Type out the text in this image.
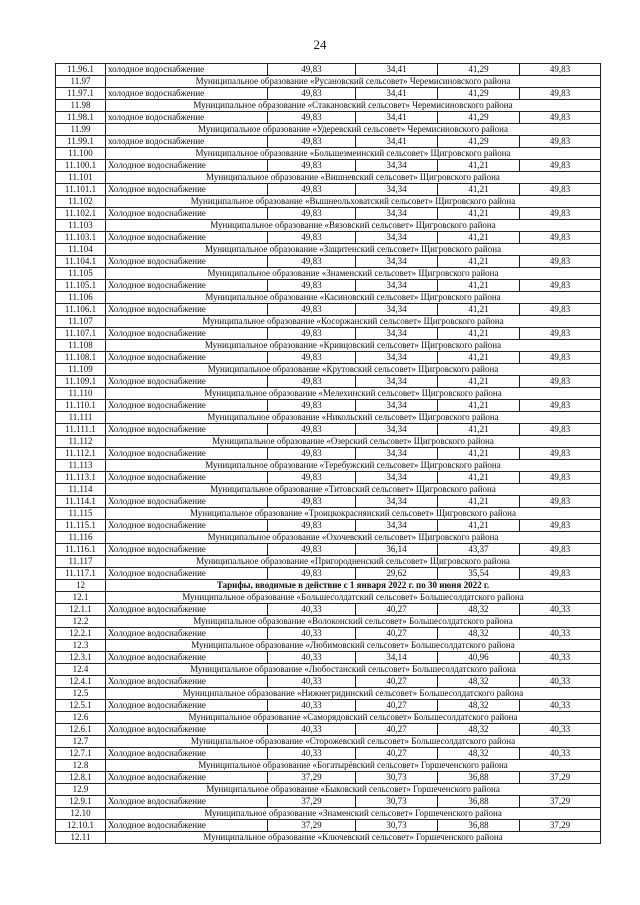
24
11.96.1	холодное водоснабжение	49,83	34,41	41,29	49,83
11.97	Муниципальное образование «Русановский сельсовет» Черемисиновского района				
11.97.1	холодное водоснабжение	49,83	34,41	41,29	49,83
11.98	Муниципальное образование «Стакановский сельсовет» Черемисиновского района				
11.98.1	холодное водоснабжение	49,83	34,41	41,29	49,83
11.99	Муниципальное образование «Удеревский сельсовет» Черемисиновского района				
11.99.1	холодное водоснабжение	49,83	34,41	41,29	49,83
11.100	Муниципальное образование «Большезмеинский сельсовет» Щигровского района				
11.100.1	Холодное водоснабжение	49,83	34,34	41,21	49,83
11.101	Муниципальное образование «Вишневский сельсовет» Щигровского района				
11.101.1	Холодное водоснабжение	49,83	34,34	41,21	49,83
11.102	Муниципальное образование «Вышнеольховатский сельсовет» Щигровского района				
11.102.1	Холодное водоснабжение	49,83	34,34	41,21	49,83
11.103	Муниципальное образование «Вязовский сельсовет» Щигровского района				
11.103.1	Холодное водоснабжение	49,83	34,34	41,21	49,83
11.104	Муниципальное образование «Защитенский сельсовет» Щигровского района				
11.104.1	Холодное водоснабжение	49,83	34,34	41,21	49,83
11.105	Муниципальное образование «Знаменский сельсовет» Щигровского района				
11.105.1	Холодное водоснабжение	49,83	34,34	41,21	49,83
11.106	Муниципальное образование «Касиновский сельсовет» Щигровского района				
11.106.1	Холодное водоснабжение	49,83	34,34	41,21	49,83
11.107	Муниципальное образование «Косоржанский сельсовет» Щигровского района				
11.107.1	Холодное водоснабжение	49,83	34,34	41,21	49,83
11.108	Муниципальное образование «Кривцовский сельсовет» Щигровского района				
11.108.1	Холодное водоснабжение	49,83	34,34	41,21	49,83
11.109	Муниципальное образование «Крутовский сельсовет» Щигровского района				
11.109.1	Холодное водоснабжение	49,83	34,34	41,21	49,83
11.110	Муниципальное образование «Мелехинский сельсовет» Щигровского района				
11.110.1	Холодное водоснабжение	49,83	34,34	41,21	49,83
11.111	Муниципальное образование «Никольский сельсовет» Щигровского района				
11.111.1	Холодное водоснабжение	49,83	34,34	41,21	49,83
11.112	Муниципальное образование «Озерский сельсовет» Щигровского района				
11.112.1	Холодное водоснабжение	49,83	34,34	41,21	49,83
11.113	Муниципальное образование «Теребужский сельсовет» Щигровского района				
11.113.1	Холодное водоснабжение	49,83	34,34	41,21	49,83
11.114	Муниципальное образование «Титовский сельсовет» Щигровского района				
11.114.1	Холодное водоснабжение	49,83	34,34	41,21	49,83
11.115	Муниципальное образование «Троицкокраснянский сельсовет» Щигровского района				
11.115.1	Холодное водоснабжение	49,83	34,34	41,21	49,83
11.116	Муниципальное образование «Охочевский сельсовет» Щигровского района				
11.116.1	Холодное водоснабжение	49,83	36,14	43,37	49,83
11.117	Муниципальное образование «Пригородненский сельсовет» Щигровского района				
11.117.1	Холодное водоснабжение	49,83	29,62	35,54	49,83
12	Тарифы, вводимые в действие с 1 января 2022 г. по 30 июня 2022 г.				
12.1	Муниципальное образование «Большесолдатский сельсовет» Большесолдатского района				
12.1.1	Холодное водоснабжение	40,33	40,27	48,32	40,33
12.2	Муниципальное образование «Волоконский сельсовет» Большесолдатского района				
12.2.1	Холодное водоснабжение	40,33	40,27	48,32	40,33
12.3	Муниципальное образование «Любимовский сельсовет» Большесолдатского района				
12.3.1	Холодное водоснабжение	40,33	34,14	40,96	40,33
12.4	Муниципальное образование «Любостанский сельсовет» Большесолдатского района				
12.4.1	Холодное водоснабжение	40,33	40,27	48,32	40,33
12.5	Муниципальное образование «Нижнегридинский сельсовет» Большесолдатского района				
12.5.1	Холодное водоснабжение	40,33	40,27	48,32	40,33
12.6	Муниципальное образование «Саморядовский сельсовет» Большесолдатского района				
12.6.1	Холодное водоснабжение	40,33	40,27	48,32	40,33
12.7	Муниципальное образование «Сторожевский сельсовет» Большесолдатского района				
12.7.1	Холодное водоснабжение	40,33	40,27	48,32	40,33
12.8	Муниципальное образование «Богатырёвский сельсовет» Горшеченского района				
12.8.1	Холодное водоснабжение	37,29	30,73	36,88	37,29
12.9	Муниципальное образование «Быковский сельсовет» Горшеченского района				
12.9.1	Холодное водоснабжение	37,29	30,73	36,88	37,29
12.10	Муниципальное образование «Знаменский сельсовет» Горшеченского района				
12.10.1	Холодное водоснабжение	37,29	30,73	36,88	37,29
12.11	Муниципальное образование «Ключевский сельсовет» Горшеченского района				
